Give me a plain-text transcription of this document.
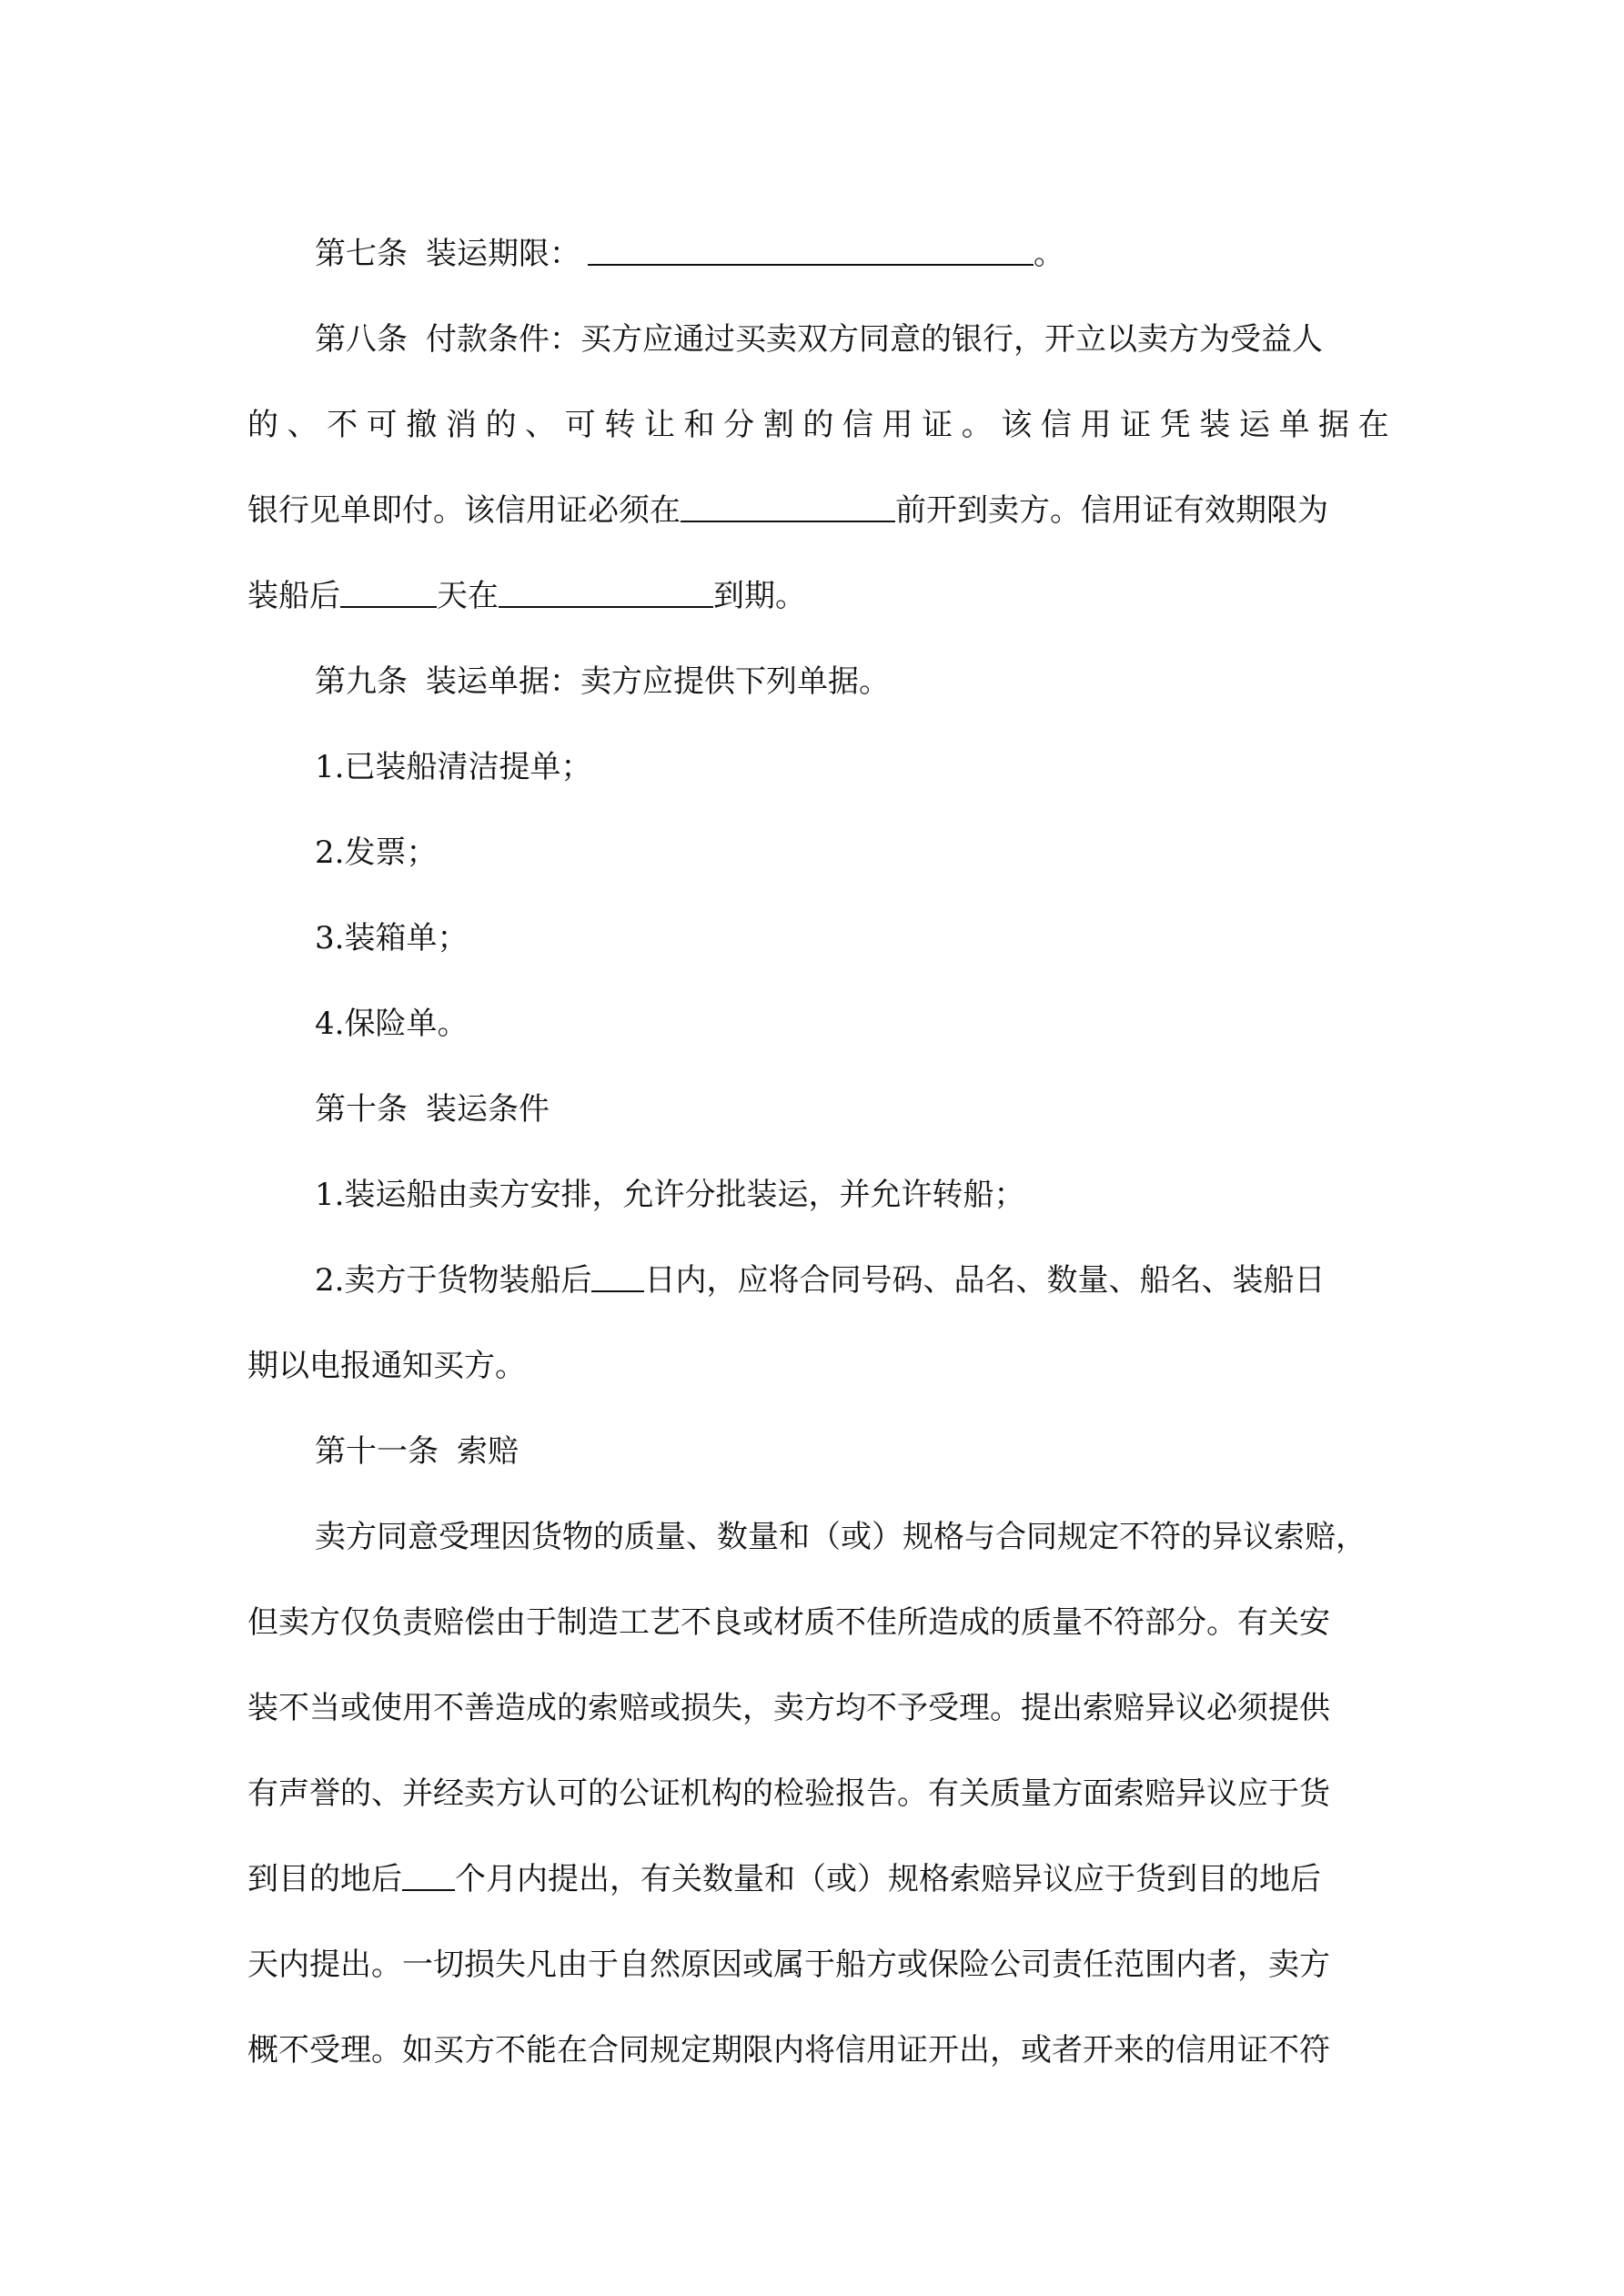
第七条 装运期限：	。
第八条 付款条件：买方应通过买卖双方同意的银行，开立以卖方为受益人
的 、 不 可 撤 消 的 、 可 转 让 和 分 割 的 信 用 证 。 该 信 用 证 凭 装 运 单 据 在
银行见单即付。该信用证必须在	前开到卖方。信用证有效期限为
装船后	天在	到期。
第九条 装运单据：卖方应提供下列单据。
1.已装船清洁提单；
2.发票；
3.装箱单；
4.保险单。
第十条 装运条件
1.装运船由卖方安排，允许分批装运，并允许转船；
2.卖方于货物装船后 日内，应将合同号码、品名、数量、船名、装船日
期以电报通知买方。
第十一条 索赔
卖方同意受理因货物的质量、数量和（或）规格与合同规定不符的异议索赔，
但卖方仅负责赔偿由于制造工艺不良或材质不佳所造成的质量不符部分。有关安
装不当或使用不善造成的索赔或损失，卖方均不予受理。提出索赔异议必须提供
有声誉的、并经卖方认可的公证机构的检验报告。有关质量方面索赔异议应于货
到目的地后 个月内提出，有关数量和（或）规格索赔异议应于货到目的地后
天内提出。一切损失凡由于自然原因或属于船方或保险公司责任范围内者，卖方
概不受理。如买方不能在合同规定期限内将信用证开出，或者开来的信用证不符
